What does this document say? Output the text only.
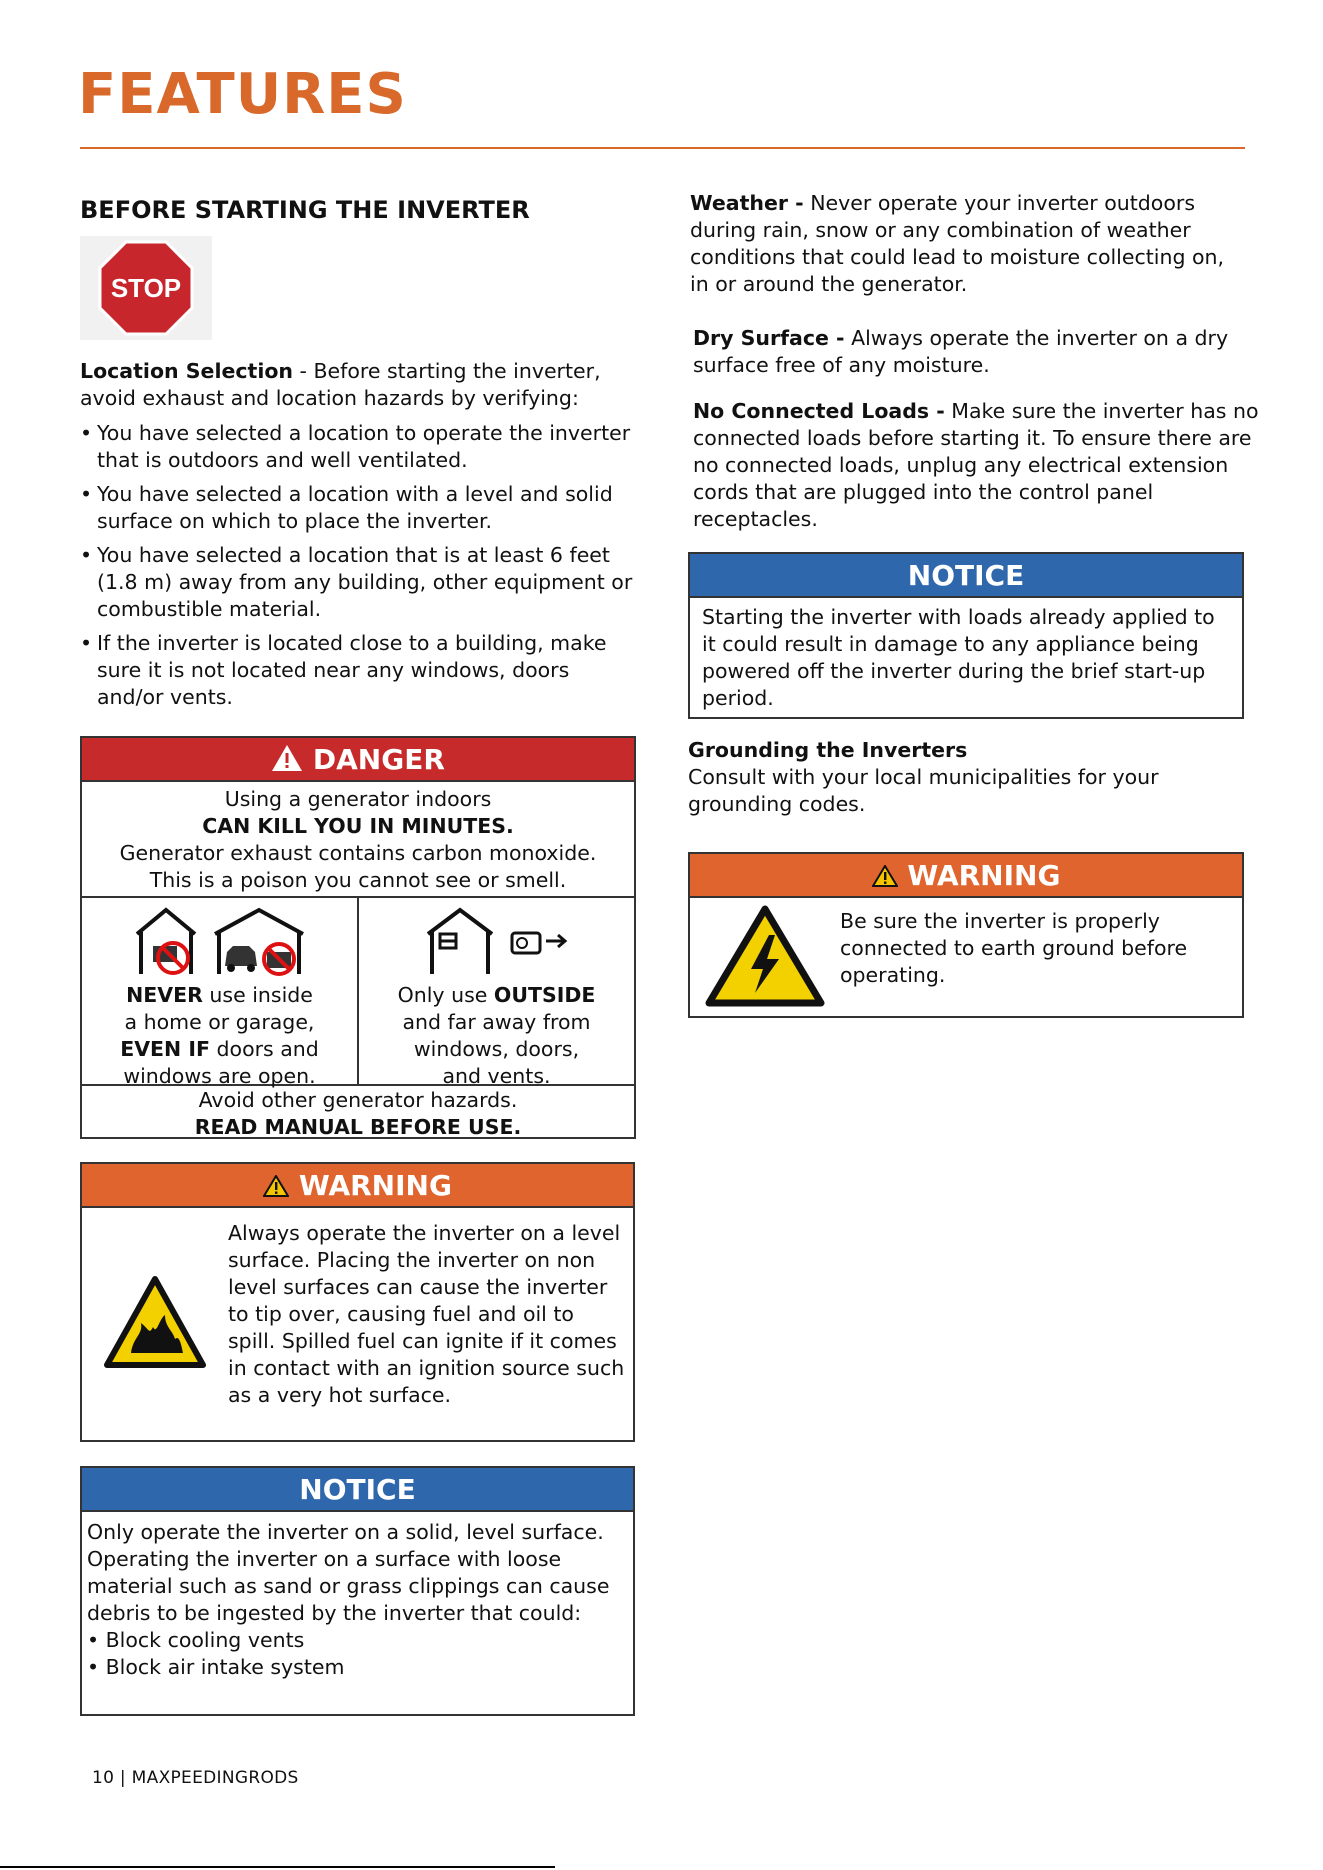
FEATURES
BEFORE STARTING THE INVERTER
STOP

Location Selection - Before starting the inverter, avoid exhaust and location hazards by verifying:

• You have selected a location to operate the inverter that is outdoors and well ventilated.
• You have selected a location with a level and solid surface on which to place the inverter.
• You have selected a location that is at least 6 feet (1.8 m) away from any building, other equipment or combustible material.
• If the inverter is located close to a building, make sure it is not located near any windows, doors and/or vents.
DANGER
Using a generator indoors
CAN KILL YOU IN MINUTES.
Generator exhaust contains carbon monoxide.
This is a poison you cannot see or smell.
NEVER use inside
a home or garage,
EVEN IF doors and
windows are open.
Only use OUTSIDE
and far away from
windows, doors,
and vents.
Avoid other generator hazards.
READ MANUAL BEFORE USE.
WARNING
Always operate the inverter on a level surface. Placing the inverter on non level surfaces can cause the inverter to tip over, causing fuel and oil to spill. Spilled fuel can ignite if it comes in contact with an ignition source such as a very hot surface.
NOTICE
Only operate the inverter on a solid, level surface.
Operating the inverter on a surface with loose material such as sand or grass clippings can cause debris to be ingested by the inverter that could:
• Block cooling vents
• Block air intake system

Weather - Never operate your inverter outdoors during rain, snow or any combination of weather conditions that could lead to moisture collecting on, in or around the generator.

Dry Surface - Always operate the inverter on a dry surface free of any moisture.

No Connected Loads - Make sure the inverter has no connected loads before starting it. To ensure there are no connected loads, unplug any electrical extension cords that are plugged into the control panel receptacles.

NOTICE
Starting the inverter with loads already applied to it could result in damage to any appliance being powered off the inverter during the brief start-up period.

Grounding the Inverters

Consult with your local municipalities for your grounding codes.

WARNING
Be sure the inverter is properly connected to earth ground before operating.
10 | MAXPEEDINGRODS
